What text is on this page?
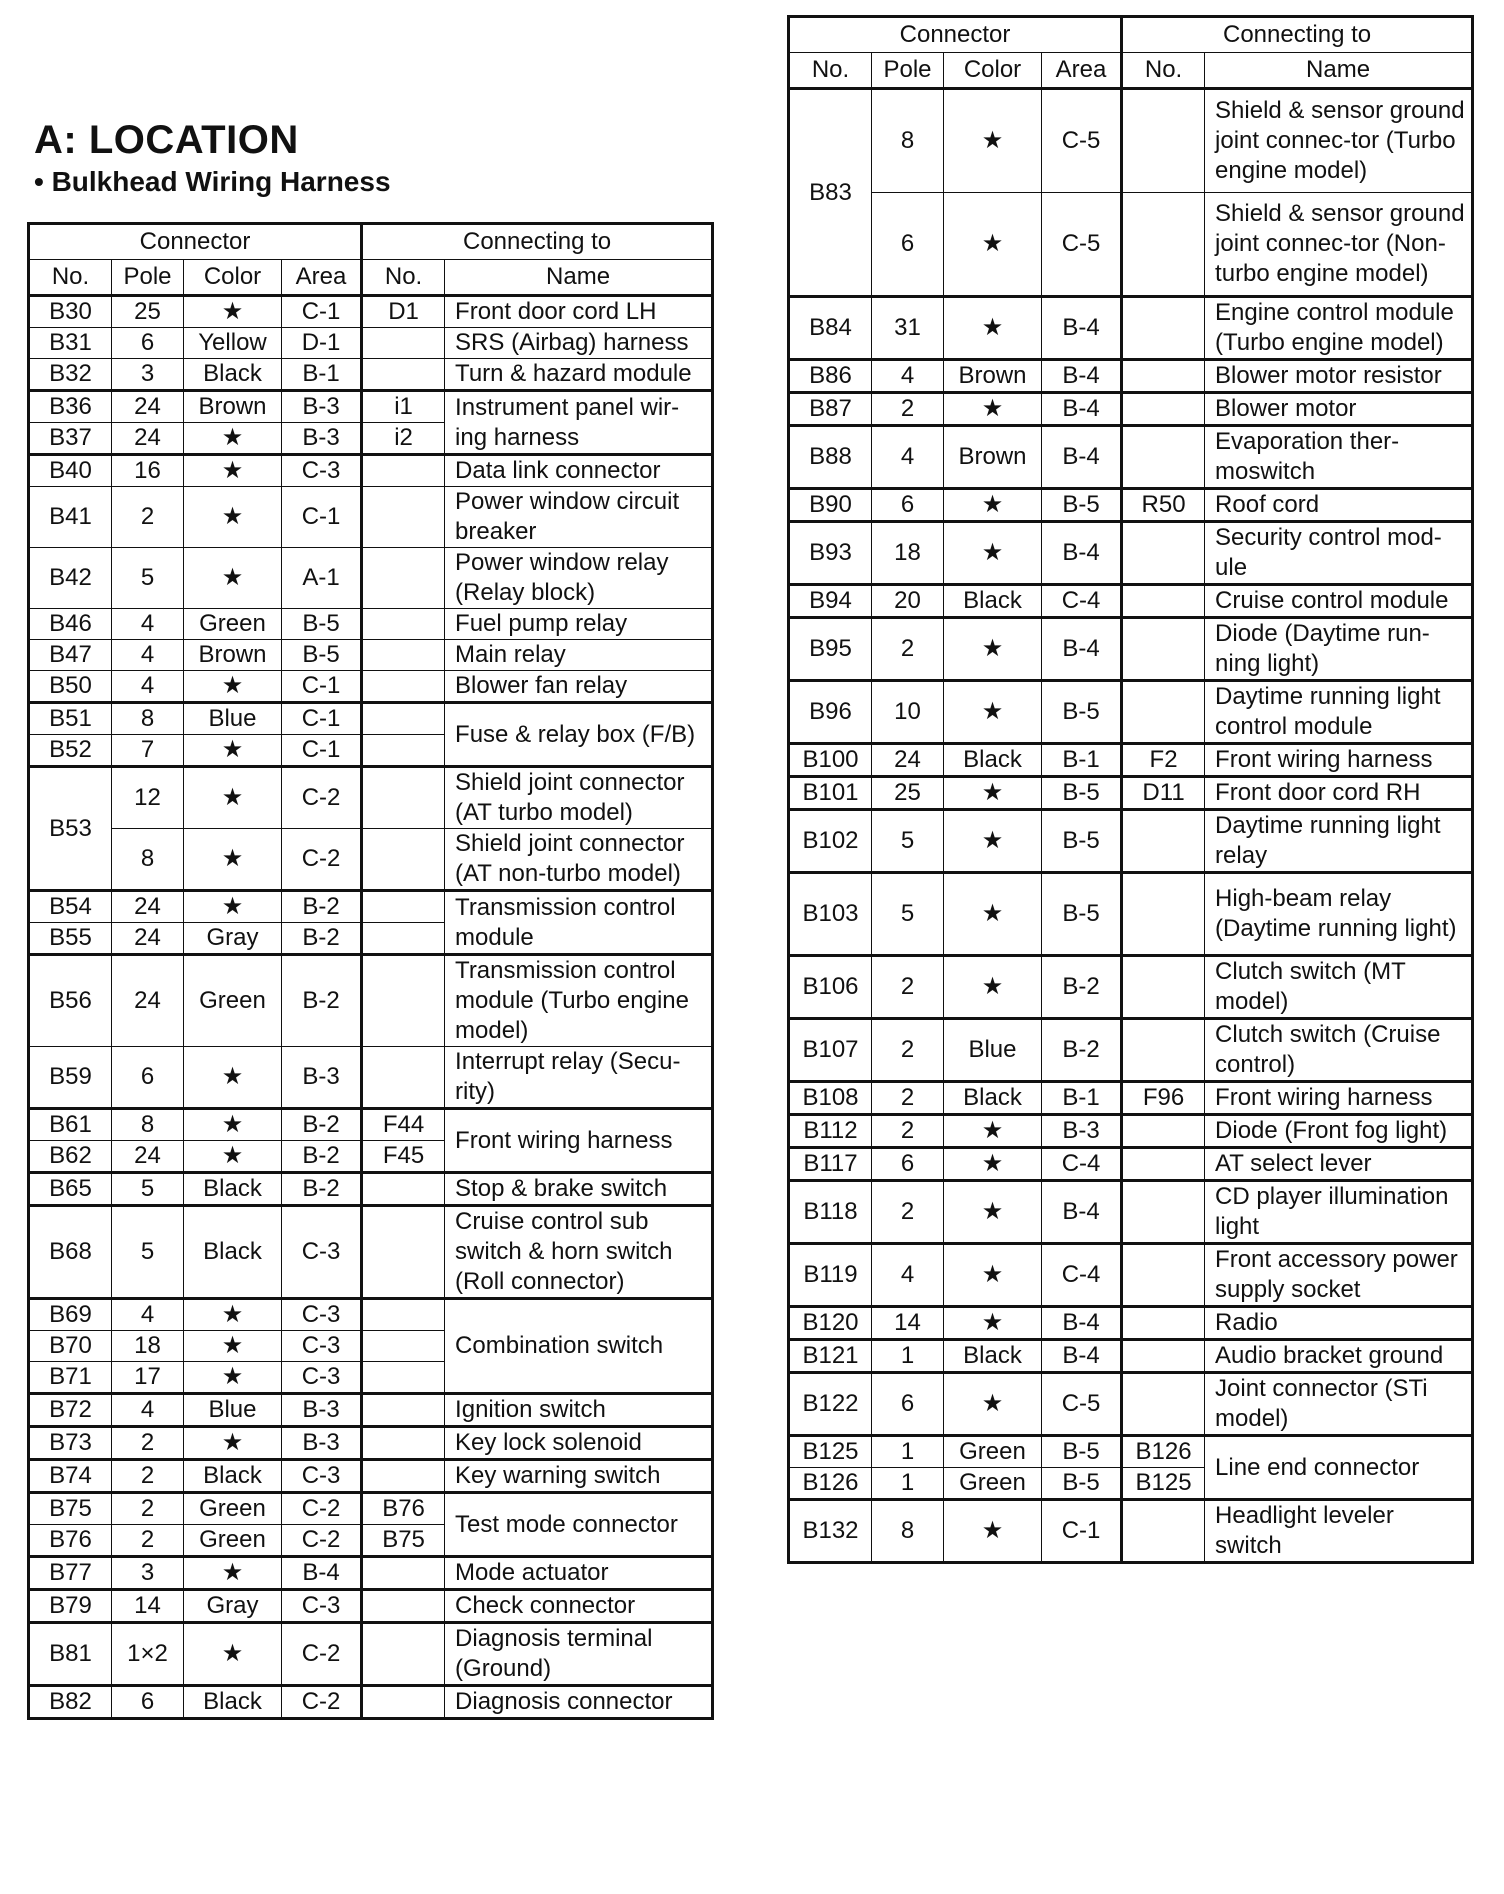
A: LOCATION
• Bulkhead Wiring Harness
Connector				Connecting to	
No.	Pole	Color	Area	No.	Name
B30	25	★	C-1	D1	Front door cord LH
B31	6	Yellow	D-1		SRS (Airbag) harness
B32	3	Black	B-1		Turn & hazard module
B36	24	Brown	B-3	i1	Instrument panel wir-ing harness
B37	24	★	B-3	i2	
B40	16	★	C-3		Data link connector
B41	2	★	C-1		Power window circuit breaker
B42	5	★	A-1		Power window relay (Relay block)
B46	4	Green	B-5		Fuel pump relay
B47	4	Brown	B-5		Main relay
B50	4	★	C-1		Blower fan relay
B51	8	Blue	C-1		Fuse & relay box (F/B)
B52	7	★	C-1		
B53	12	★	C-2		Shield joint connector (AT turbo model)
	8	★	C-2		Shield joint connector (AT non-turbo model)
B54	24	★	B-2		Transmission control module
B55	24	Gray	B-2		
B56	24	Green	B-2		Transmission control module (Turbo engine model)
B59	6	★	B-3		Interrupt relay (Secu-rity)
B61	8	★	B-2	F44	Front wiring harness
B62	24	★	B-2	F45	
B65	5	Black	B-2		Stop & brake switch
B68	5	Black	C-3		Cruise control sub switch & horn switch (Roll connector)
B69	4	★	C-3		Combination switch
B70	18	★	C-3		
B71	17	★	C-3		
B72	4	Blue	B-3		Ignition switch
B73	2	★	B-3		Key lock solenoid
B74	2	Black	C-3		Key warning switch
B75	2	Green	C-2	B76	Test mode connector
B76	2	Green	C-2	B75	
B77	3	★	B-4		Mode actuator
B79	14	Gray	C-3		Check connector
B81	1×2	★	C-2		Diagnosis terminal (Ground)
B82	6	Black	C-2		Diagnosis connector
Connector				Connecting to	
No.	Pole	Color	Area	No.	Name
B83	8	★	C-5		Shield & sensor ground joint connec-tor (Turbo engine model)
	6	★	C-5		Shield & sensor ground joint connec-tor (Non-turbo engine model)
B84	31	★	B-4		Engine control module (Turbo engine model)
B86	4	Brown	B-4		Blower motor resistor
B87	2	★	B-4		Blower motor
B88	4	Brown	B-4		Evaporation ther-moswitch
B90	6	★	B-5	R50	Roof cord
B93	18	★	B-4		Security control mod-ule
B94	20	Black	C-4		Cruise control module
B95	2	★	B-4		Diode (Daytime run-ning light)
B96	10	★	B-5		Daytime running light control module
B100	24	Black	B-1	F2	Front wiring harness
B101	25	★	B-5	D11	Front door cord RH
B102	5	★	B-5		Daytime running light relay
B103	5	★	B-5		High-beam relay (Daytime running light)
B106	2	★	B-2		Clutch switch (MT model)
B107	2	Blue	B-2		Clutch switch (Cruise control)
B108	2	Black	B-1	F96	Front wiring harness
B112	2	★	B-3		Diode (Front fog light)
B117	6	★	C-4		AT select lever
B118	2	★	B-4		CD player illumination light
B119	4	★	C-4		Front accessory power supply socket
B120	14	★	B-4		Radio
B121	1	Black	B-4		Audio bracket ground
B122	6	★	C-5		Joint connector (STi model)
B125	1	Green	B-5	B126	Line end connector
B126	1	Green	B-5	B125	
B132	8	★	C-1		Headlight leveler switch
